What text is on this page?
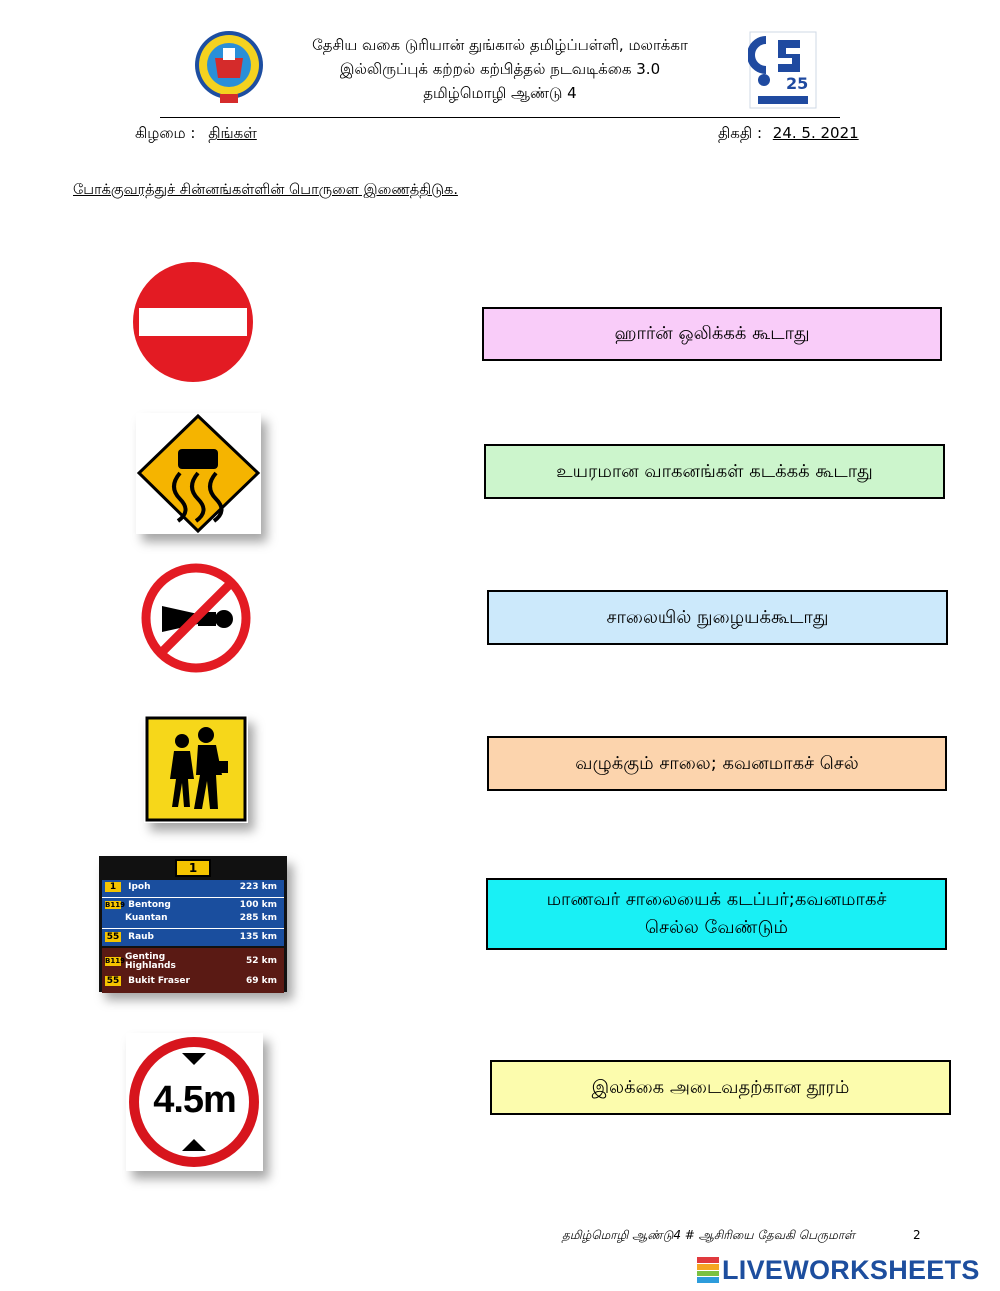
தேசிய வகை டுரியான் துங்கால் தமிழ்ப்பள்ளி, மலாக்கா
இல்லிருப்புக் கற்றல் கற்பித்தல் நடவடிக்கை 3.0
தமிழ்மொழி ஆண்டு 4	25
கிழமை : திங்கள்	திகதி : 24. 5. 2021
போக்குவரத்துச் சின்னங்கள்ளின் பொருளை இணைத்திடுக.
1
1 Ipoh	223 km
B119 Bentong	100 km
Kuantan	285 km
55 Raub	135 km
B119 Genting Highlands	52 km
55 Bukit Fraser	69 km
4.5m
ஹார்ன் ஒலிக்கக் கூடாது
உயரமான வாகனங்கள் கடக்கக் கூடாது
சாலையில் நுழையக்கூடாது
வழுக்கும் சாலை; கவனமாகச் செல்
மாணவர் சாலையைக் கடப்பர்;கவனமாகச் செல்ல வேண்டும்
இலக்கை அடைவதற்கான தூரம்
தமிழ்மொழி ஆண்டு4 # ஆசிரியை தேவகி பெருமாள்	2
LIVEWORKSHEETS
